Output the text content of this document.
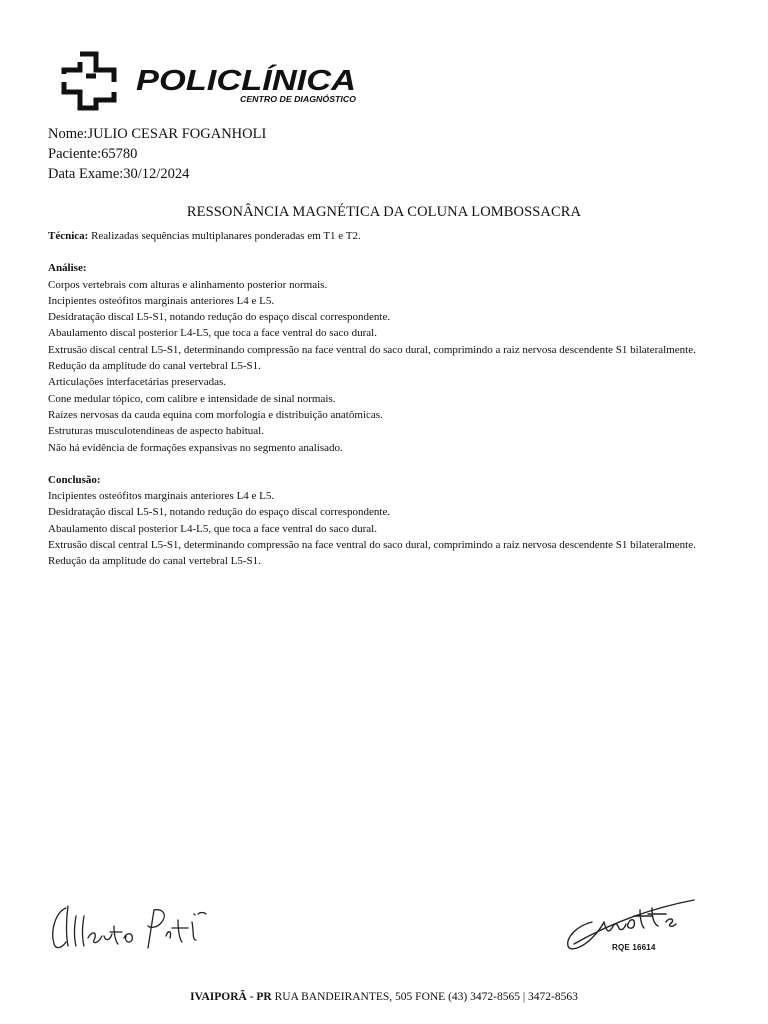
POLICLÍNICA
CENTRO DE DIAGNÓSTICO
Nome:JULIO CESAR FOGANHOLI
Paciente:65780
Data Exame:30/12/2024
RESSONÂNCIA MAGNÉTICA DA COLUNA LOMBOSSACRA
Técnica: Realizadas sequências multiplanares ponderadas em T1 e T2.
Análise:
Corpos vertebrais com alturas e alinhamento posterior normais.
Incipientes osteófitos marginais anteriores L4 e L5.
Desidratação discal L5-S1, notando redução do espaço discal correspondente.
Abaulamento discal posterior L4-L5, que toca a face ventral do saco dural.
Extrusão discal central L5-S1, determinando compressão na face ventral do saco dural, comprimindo a raiz nervosa descendente S1 bilateralmente.
Redução da amplitude do canal vertebral L5-S1.
Articulações interfacetárias preservadas.
Cone medular tópico, com calibre e intensidade de sinal normais.
Raízes nervosas da cauda equina com morfologia e distribuição anatômicas.
Estruturas musculotendíneas de aspecto habitual.
Não há evidência de formações expansivas no segmento analisado.
Conclusão:
Incipientes osteófitos marginais anteriores L4 e L5.
Desidratação discal L5-S1, notando redução do espaço discal correspondente.
Abaulamento discal posterior L4-L5, que toca a face ventral do saco dural.
Extrusão discal central L5-S1, determinando compressão na face ventral do saco dural, comprimindo a raiz nervosa descendente S1 bilateralmente.
Redução da amplitude do canal vertebral L5-S1.
RQE 16614
IVAIPORÃ - PR RUA BANDEIRANTES, 505 FONE (43) 3472-8565 | 3472-8563
